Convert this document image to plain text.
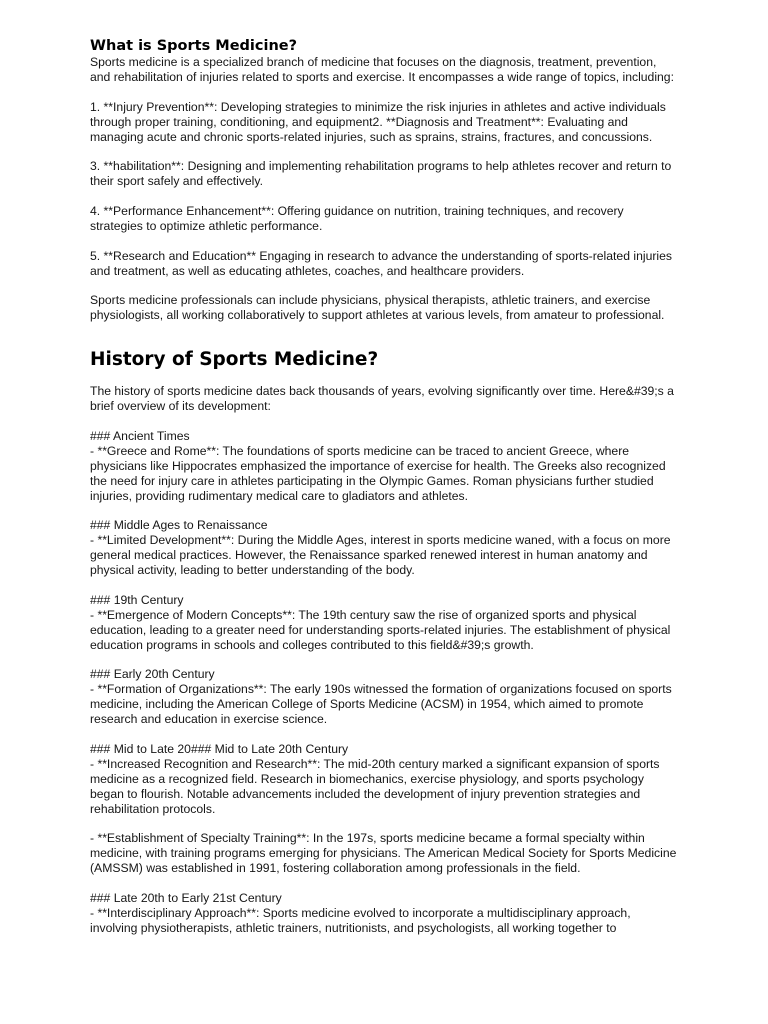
What is Sports Medicine?
Sports medicine is a specialized branch of medicine that focuses on the diagnosis, treatment, prevention, and rehabilitation of injuries related to sports and exercise. It encompasses a wide range of topics, including:
1. **Injury Prevention**: Developing strategies to minimize the risk injuries in athletes and active individuals through proper training, conditioning, and equipment2. **Diagnosis and Treatment**: Evaluating and managing acute and chronic sports-related injuries, such as sprains, strains, fractures, and concussions.
3. **habilitation**: Designing and implementing rehabilitation programs to help athletes recover and return to their sport safely and effectively.
4. **Performance Enhancement**: Offering guidance on nutrition, training techniques, and recovery strategies to optimize athletic performance.
5. **Research and Education** Engaging in research to advance the understanding of sports-related injuries and treatment, as well as educating athletes, coaches, and healthcare providers.
Sports medicine professionals can include physicians, physical therapists, athletic trainers, and exercise physiologists, all working collaboratively to support athletes at various levels, from amateur to professional.
History of Sports Medicine?
The history of sports medicine dates back thousands of years, evolving significantly over time. Here&#39;s a brief overview of its development:
### Ancient Times
- **Greece and Rome**: The foundations of sports medicine can be traced to ancient Greece, where physicians like Hippocrates emphasized the importance of exercise for health. The Greeks also recognized the need for injury care in athletes participating in the Olympic Games. Roman physicians further studied injuries, providing rudimentary medical care to gladiators and athletes.
### Middle Ages to Renaissance
- **Limited Development**: During the Middle Ages, interest in sports medicine waned, with a focus on more general medical practices. However, the Renaissance sparked renewed interest in human anatomy and physical activity, leading to better understanding of the body.
### 19th Century
- **Emergence of Modern Concepts**: The 19th century saw the rise of organized sports and physical education, leading to a greater need for understanding sports-related injuries. The establishment of physical education programs in schools and colleges contributed to this field&#39;s growth.
### Early 20th Century
- **Formation of Organizations**: The early 190s witnessed the formation of organizations focused on sports medicine, including the American College of Sports Medicine (ACSM) in 1954, which aimed to promote research and education in exercise science.
### Mid to Late 20### Mid to Late 20th Century
- **Increased Recognition and Research**: The mid-20th century marked a significant expansion of sports medicine as a recognized field. Research in biomechanics, exercise physiology, and sports psychology began to flourish. Notable advancements included the development of injury prevention strategies and rehabilitation protocols.
- **Establishment of Specialty Training**: In the 197s, sports medicine became a formal specialty within medicine, with training programs emerging for physicians. The American Medical Society for Sports Medicine (AMSSM) was established in 1991, fostering collaboration among professionals in the field.
### Late 20th to Early 21st Century
- **Interdisciplinary Approach**: Sports medicine evolved to incorporate a multidisciplinary approach, involving physiotherapists, athletic trainers, nutritionists, and psychologists, all working together to
